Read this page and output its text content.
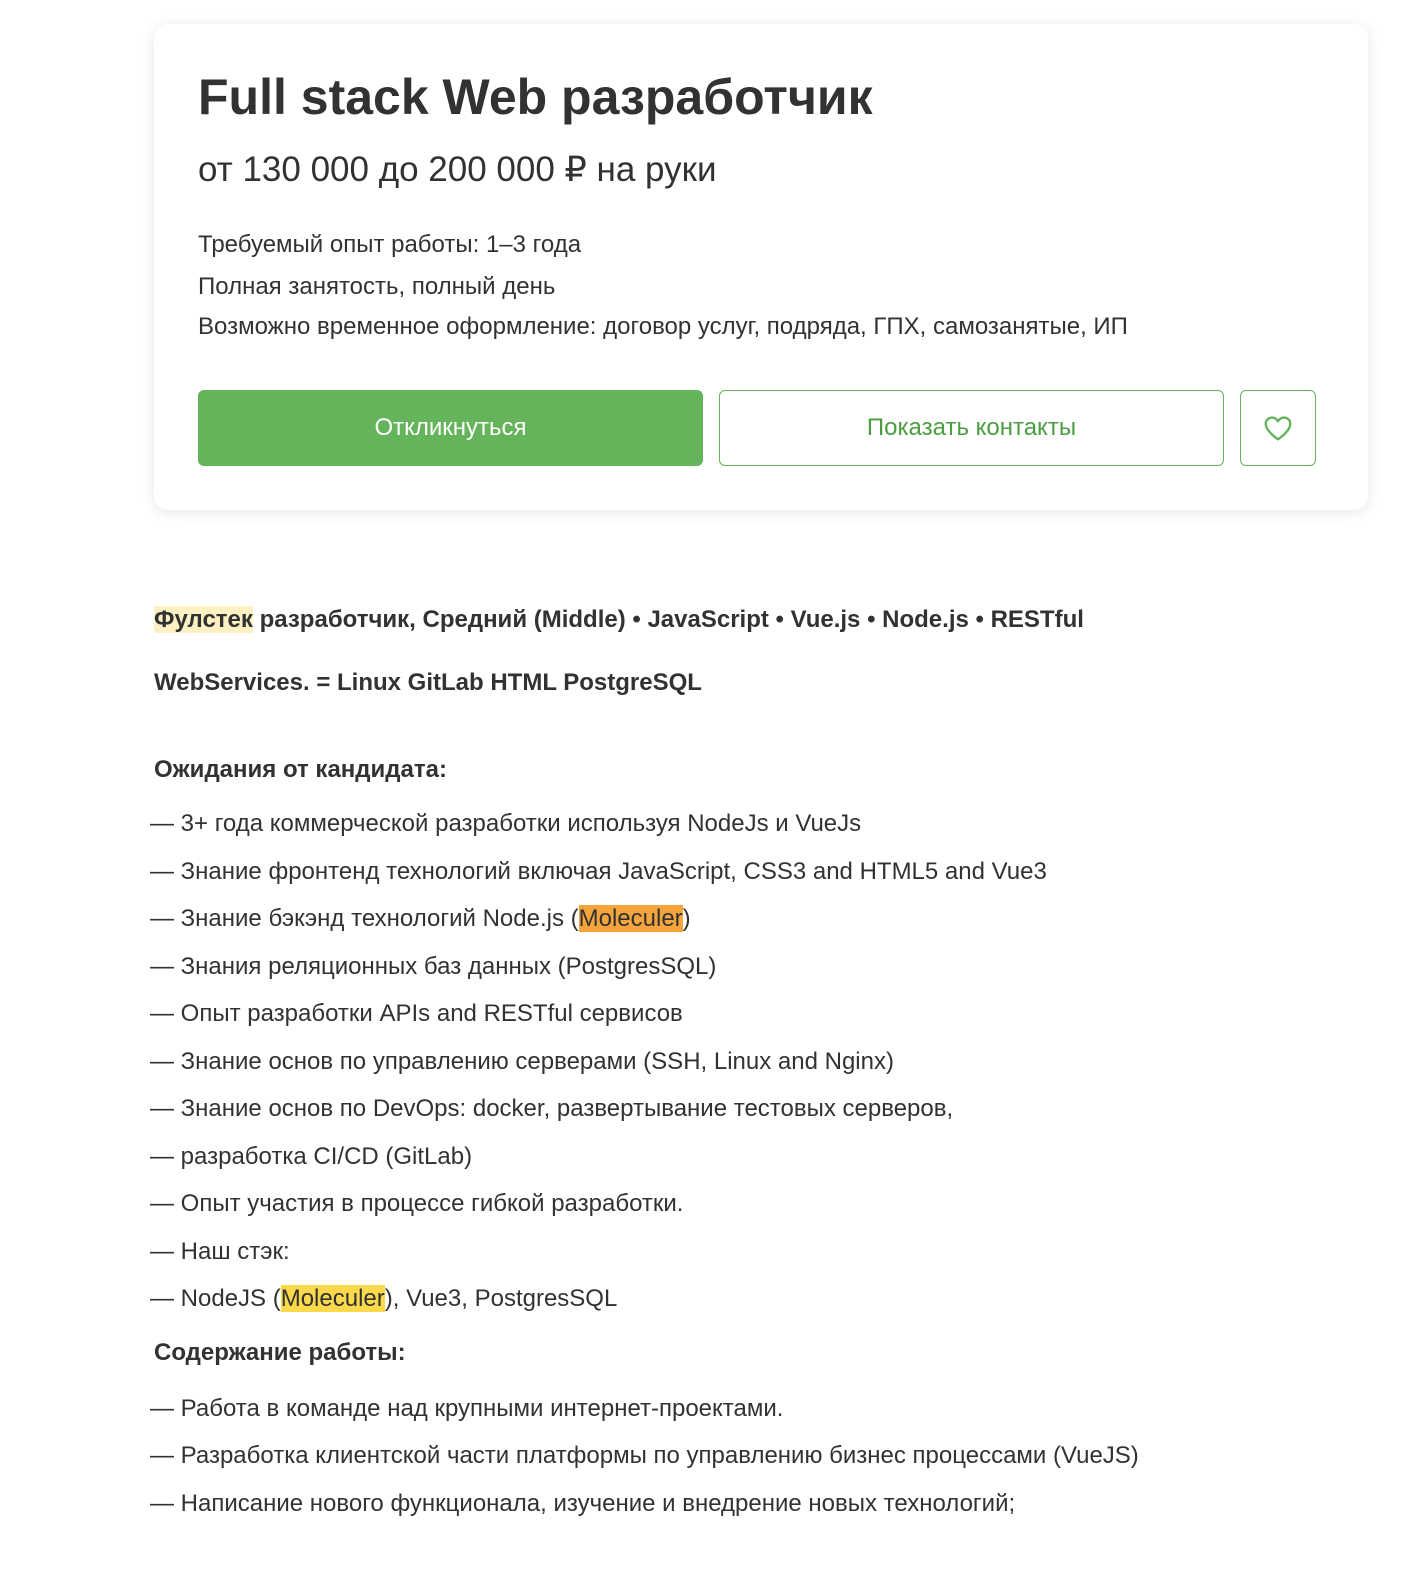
Full stack Web разработчик
от 130 000 до 200 000 ₽ на руки
Требуемый опыт работы: 1–3 года
Полная занятость, полный день
Возможно временное оформление: договор услуг, подряда, ГПХ, самозанятые, ИП
Откликнуться	Показать контакты
Фулстек разработчик, Средний (Middle) • JavaScript • Vue.js • Node.js • RESTful
WebServices. = Linux GitLab HTML PostgreSQL
Ожидания от кандидата:
— 3+ года коммерческой разработки используя NodeJs и VueJs
— Знание фронтенд технологий включая JavaScript, CSS3 and HTML5 and Vue3
— Знание бэкэнд технологий Node.js (Moleculer)
— Знания реляционных баз данных (PostgresSQL)
— Опыт разработки APIs and RESTful сервисов
— Знание основ по управлению серверами (SSH, Linux and Nginx)
— Знание основ по DevOps: docker, развертывание тестовых серверов,
— разработка CI/CD (GitLab)
— Опыт участия в процессе гибкой разработки.
— Наш стэк:
— NodeJS (Moleculer), Vue3, PostgresSQL
Содержание работы:
— Работа в команде над крупными интернет-проектами.
— Разработка клиентской части платформы по управлению бизнес процессами (VueJS)
— Написание нового функционала, изучение и внедрение новых технологий;
